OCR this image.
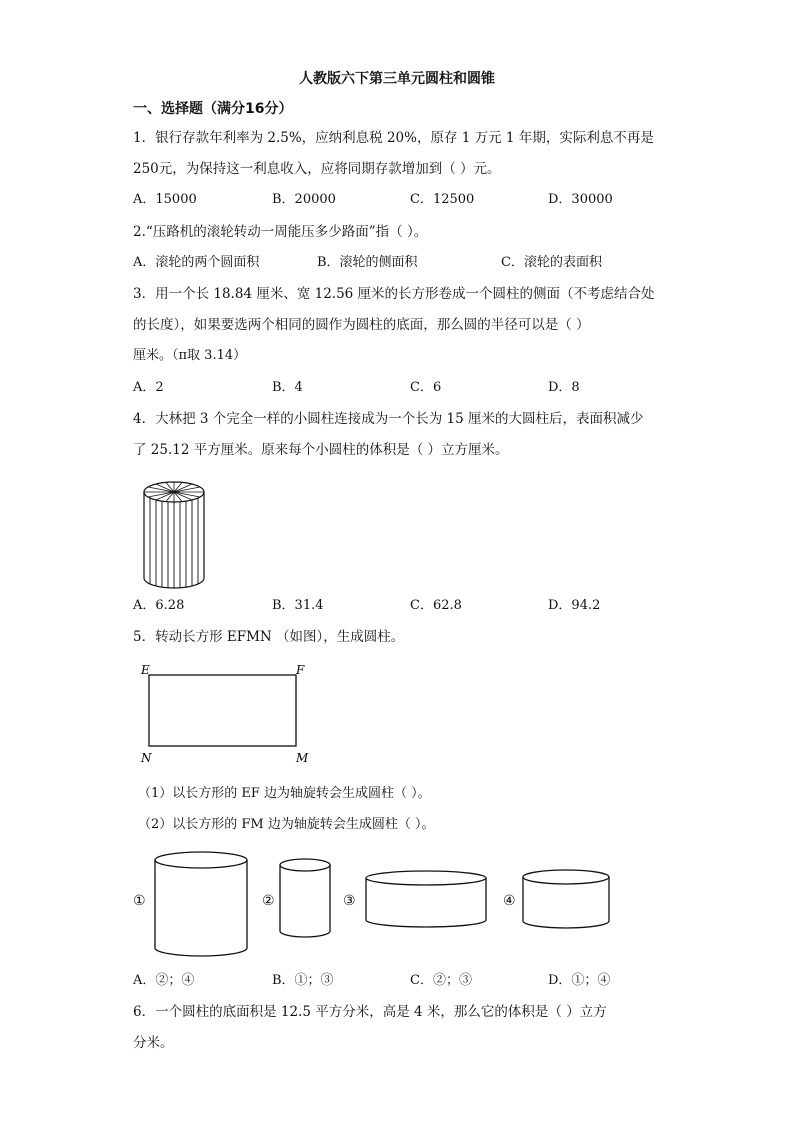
人教版六下第三单元圆柱和圆锥
一、选择题（满分16分）
1．银行存款年利率为 2.5%，应纳利息税 20%，原存 1 万元 1 年期，实际利息不再是
250元，为保持这一利息收入，应将同期存款增加到（ ）元。
A．15000	B．20000	C．12500	D．30000
2.“压路机的滚轮转动一周能压多少路面”指（ ）。
A．滚轮的两个圆面积	B．滚轮的侧面积	C．滚轮的表面积
3．用一个长 18.84 厘米、宽 12.56 厘米的长方形卷成一个圆柱的侧面（不考虑结合处
的长度），如果要选两个相同的圆作为圆柱的底面，那么圆的半径可以是（ ）
厘米。（π取 3.14）
A．2	B．4	C．6	D．8
4．大林把 3 个完全一样的小圆柱连接成为一个长为 15 厘米的大圆柱后，表面积减少
了 25.12 平方厘米。原来每个小圆柱的体积是（ ）立方厘米。
A．6.28	B．31.4	C．62.8	D．94.2
5．转动长方形 EFMN （如图），生成圆柱。
E	F
N	M
（1）以长方形的 EF 边为轴旋转会生成圆柱（ ）。
（2）以长方形的 FM 边为轴旋转会生成圆柱（ ）。
①	②	③	④
A．②；④	B．①；③	C．②；③	D．①；④
6．一个圆柱的底面积是 12.5 平方分米，高是 4 米，那么它的体积是（ ）立方
分米。
